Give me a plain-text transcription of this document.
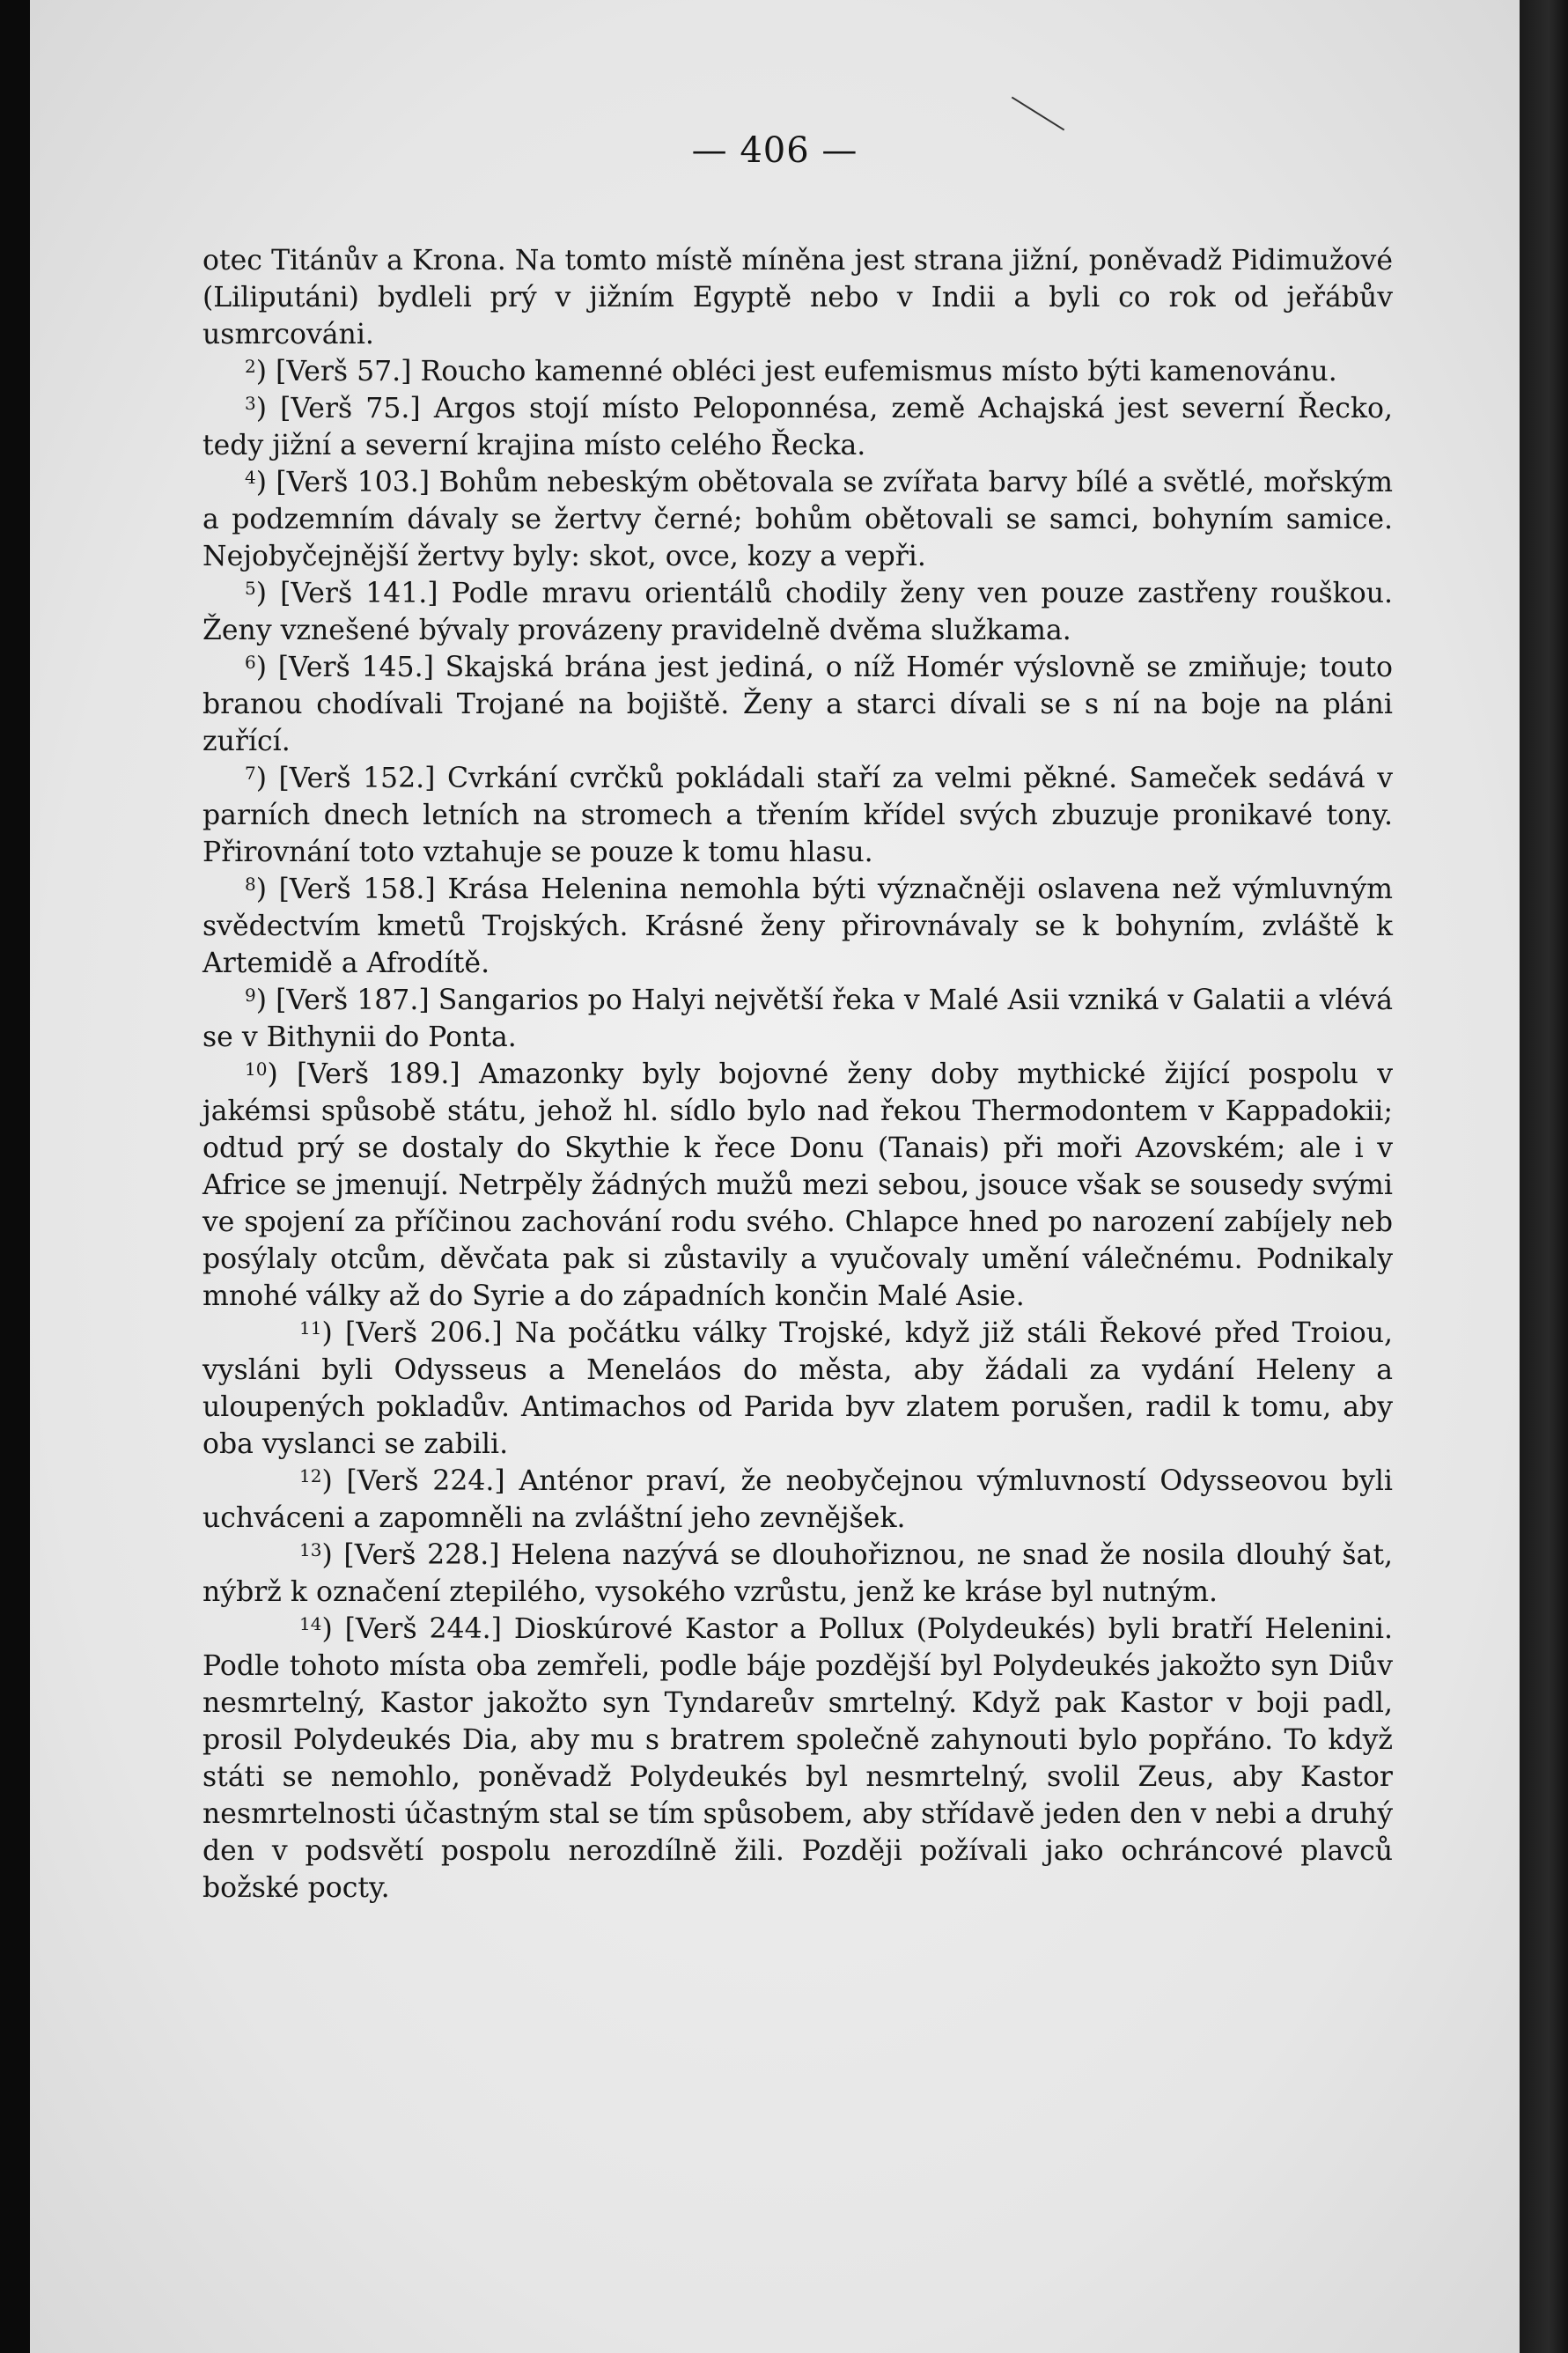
— 406 —

otec Titánův a Krona. Na tomto místě míněna jest strana jižní, poněvadž Pidimužové (Liliputáni) bydleli prý v jižním Egyptě nebo v Indii a byli co rok od jeřábův usmrcováni.

$^2$) [Verš 57.] Roucho kamenné obléci jest eufemismus místo býti kamenovánu.

$^3$) [Verš 75.] Argos stojí místo Peloponnésa, země Achajská jest severní Řecko, tedy jižní a severní krajina místo celého Řecka.

$^4$) [Verš 103.] Bohům nebeským obětovala se zvířata barvy bílé a světlé, mořským a podzemním dávaly se žertvy černé; bohům obětovali se samci, bohyním samice. Nejobyčejnější žertvy byly: skot, ovce, kozy a vepři.

$^5$) [Verš 141.] Podle mravu orientálů chodily ženy ven pouze zastřeny rouškou. Ženy vznešené bývaly provázeny pravidelně dvěma služkama.

$^6$) [Verš 145.] Skajská brána jest jediná, o níž Homér výslovně se zmiňuje; touto branou chodívali Trojané na bojiště. Ženy a starci dívali se s ní na boje na pláni zuřící.

$^7$) [Verš 152.] Cvrkání cvrčků pokládali staří za velmi pěkné. Sameček sedává v parních dnech letních na stromech a třením křídel svých zbuzuje pronikavé tony. Přirovnání toto vztahuje se pouze k tomu hlasu.

$^8$) [Verš 158.] Krása Helenina nemohla býti význačněji oslavena než výmluvným svědectvím kmetů Trojských. Krásné ženy přirovnávaly se k bohyním, zvláště k Artemidě a Afrodítě.

$^9$) [Verš 187.] Sangarios po Halyi největší řeka v Malé Asii vzniká v Galatii a vlévá se v Bithynii do Ponta.

$^{10}$) [Verš 189.] Amazonky byly bojovné ženy doby mythické žijící pospolu v jakémsi spůsobě státu, jehož hl. sídlo bylo nad řekou Thermodontem v Kappadokii; odtud prý se dostaly do Skythie k řece Donu (Tanais) při moři Azovském; ale i v Africe se jmenují. Netrpěly žádných mužů mezi sebou, jsouce však se sousedy svými ve spojení za příčinou zachování rodu svého. Chlapce hned po narození zabíjely neb posýlaly otcům, děvčata pak si zůstavily a vyučovaly umění válečnému. Podnikaly mnohé války až do Syrie a do západních končin Malé Asie.

$^{11}$) [Verš 206.] Na počátku války Trojské, když již stáli Řekové před Troiou, vysláni byli Odysseus a Meneláos do města, aby žádali za vydání Heleny a uloupených pokladův. Antimachos od Parida byv zlatem porušen, radil k tomu, aby oba vyslanci se zabili.

$^{12}$) [Verš 224.] Anténor praví, že neobyčejnou výmluvností Odysseovou byli uchváceni a zapomněli na zvláštní jeho zevnějšek.

$^{13}$) [Verš 228.] Helena nazývá se dlouhořiznou, ne snad že nosila dlouhý šat, nýbrž k označení ztepilého, vysokého vzrůstu, jenž ke kráse byl nutným.

$^{14}$) [Verš 244.] Dioskúrové Kastor a Pollux (Polydeukés) byli bratří Helenini. Podle tohoto místa oba zemřeli, podle báje pozdější byl Polydeukés jakožto syn Diův nesmrtelný, Kastor jakožto syn Tyndareův smrtelný. Když pak Kastor v boji padl, prosil Polydeukés Dia, aby mu s bratrem společně zahynouti bylo popřáno. To když státi se nemohlo, poněvadž Polydeukés byl nesmrtelný, svolil Zeus, aby Kastor nesmrtelnosti účastným stal se tím spůsobem, aby střídavě jeden den v nebi a druhý den v podsvětí pospolu nerozdílně žili. Později požívali jako ochráncové plavců božské pocty.
